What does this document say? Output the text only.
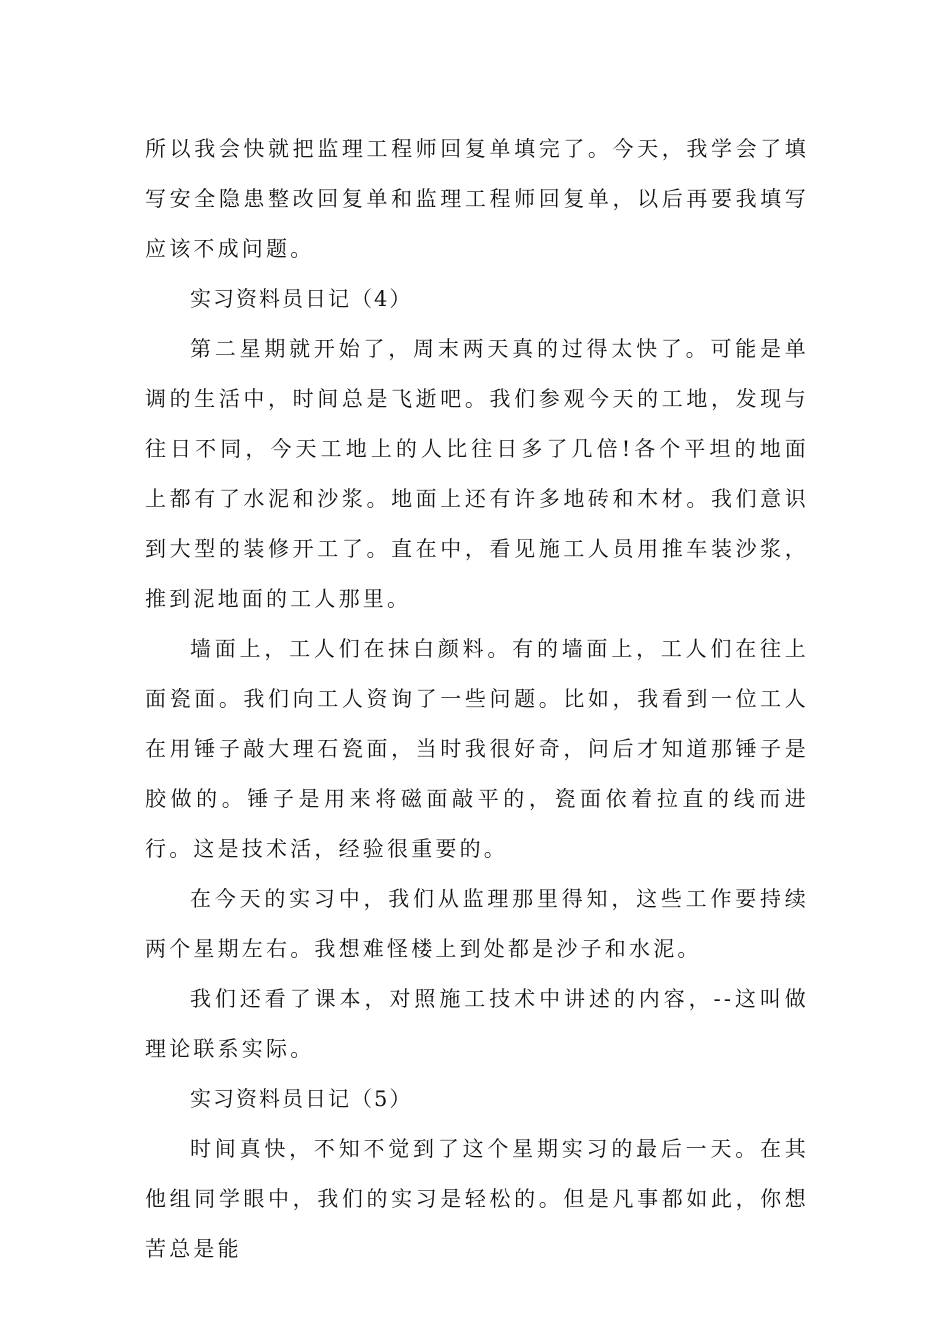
所以我会快就把监理工程师回复单填完了。今天，我学会了填写安全隐患整改回复单和监理工程师回复单，以后再要我填写应该不成问题。

实习资料员日记（4）

第二星期就开始了，周末两天真的过得太快了。可能是单调的生活中，时间总是飞逝吧。我们参观今天的工地，发现与往日不同，今天工地上的人比往日多了几倍!各个平坦的地面上都有了水泥和沙浆。地面上还有许多地砖和木材。我们意识到大型的装修开工了。直在中，看见施工人员用推车装沙浆，推到泥地面的工人那里。

墙面上，工人们在抹白颜料。有的墙面上，工人们在往上面瓷面。我们向工人资询了一些问题。比如，我看到一位工人在用锤子敲大理石瓷面，当时我很好奇，问后才知道那锤子是胶做的。锤子是用来将磁面敲平的，瓷面依着拉直的线而进行。这是技术活，经验很重要的。

在今天的实习中，我们从监理那里得知，这些工作要持续两个星期左右。我想难怪楼上到处都是沙子和水泥。

我们还看了课本，对照施工技术中讲述的内容，--这叫做理论联系实际。

实习资料员日记（5）

时间真快，不知不觉到了这个星期实习的最后一天。在其他组同学眼中，我们的实习是轻松的。但是凡事都如此，你想苦总是能
